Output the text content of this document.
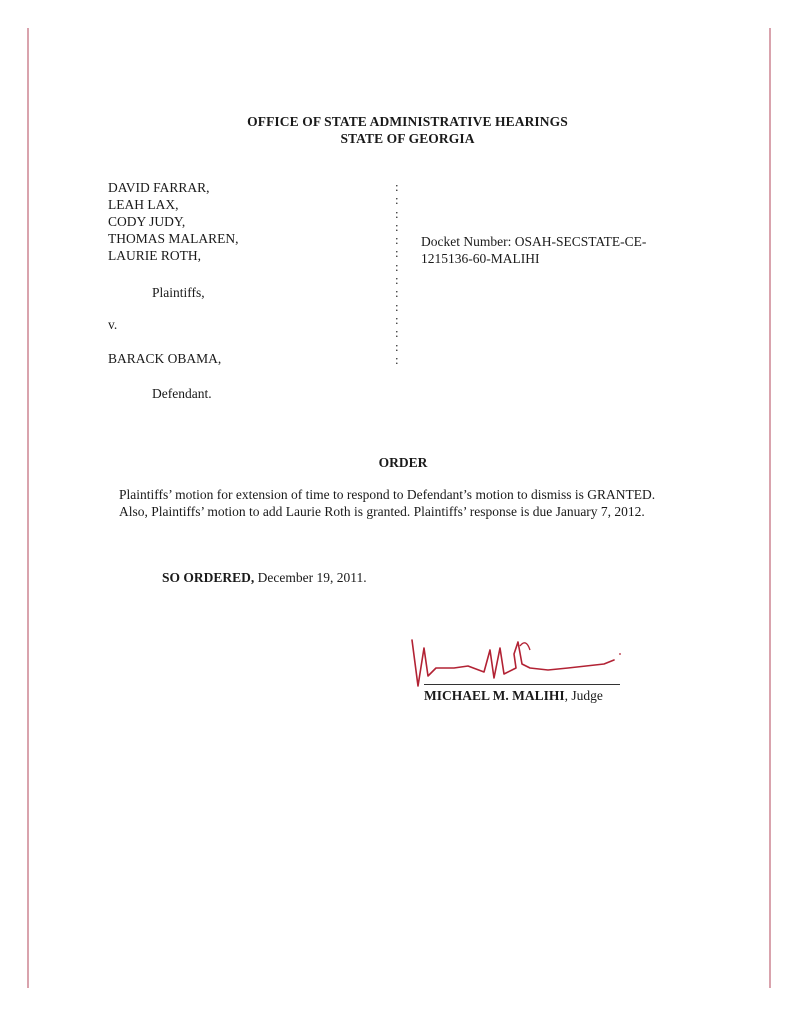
OFFICE OF STATE ADMINISTRATIVE HEARINGS
STATE OF GEORGIA
DAVID FARRAR,
LEAH LAX,
CODY JUDY,
THOMAS MALAREN,
LAURIE ROTH,
Plaintiffs,
v.
BARACK OBAMA,
Defendant.
:
:
:
:
:
:
:
:
:
:
:
:
:
:
Docket Number: OSAH-SECSTATE-CE-
1215136-60-MALIHI
ORDER
Plaintiffs’ motion for extension of time to respond to Defendant’s motion to dismiss is GRANTED. Also, Plaintiffs’ motion to add Laurie Roth is granted. Plaintiffs’ response is due January 7, 2012.
SO ORDERED, December 19, 2011.
MICHAEL M. MALIHI, Judge
